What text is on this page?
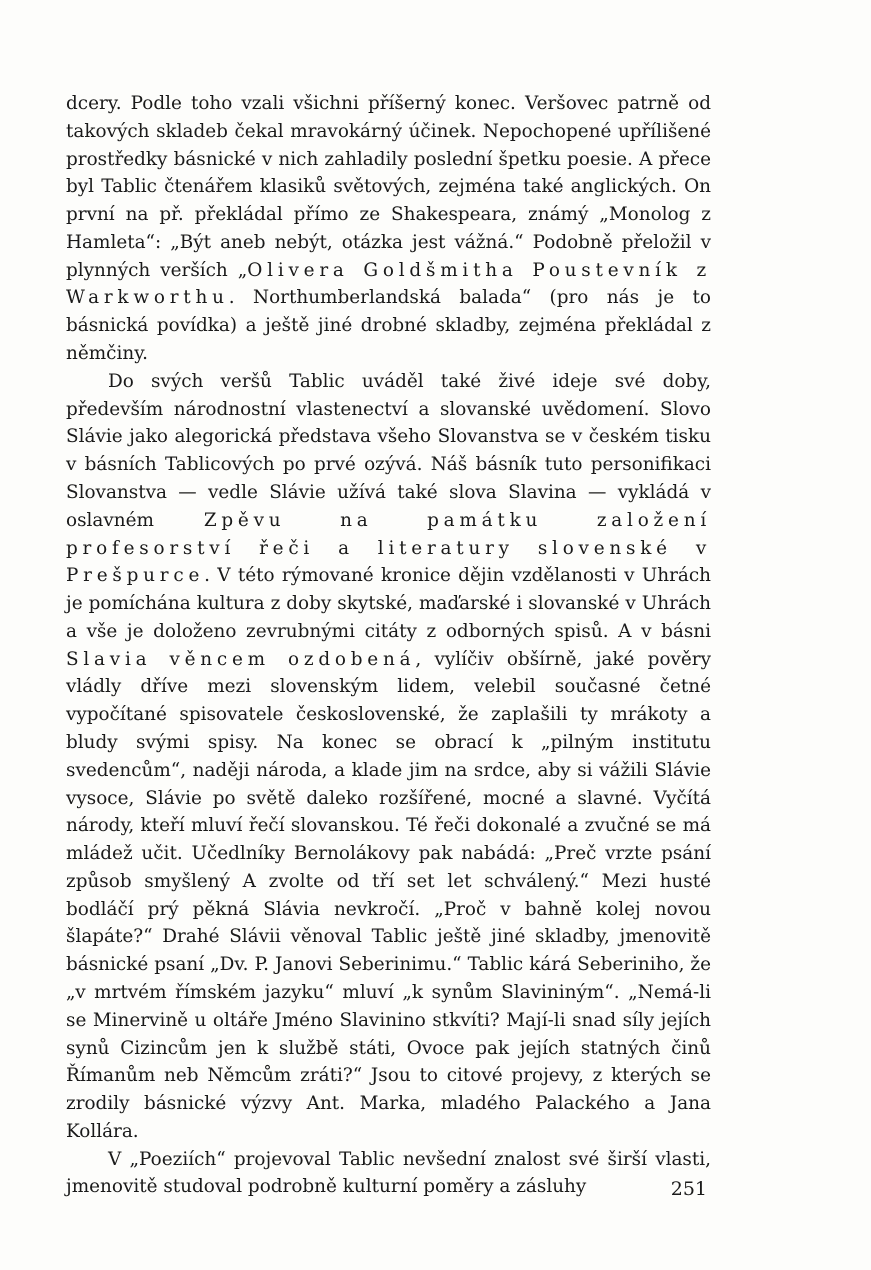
dcery. Podle toho vzali všichni příšerný konec. Veršovec patrně od takových skladeb čekal mravokárný účinek. Nepochopené upřílišené prostředky básnické v nich zahladily poslední špetku poesie. A přece byl Tablic čtenářem klasiků světových, zejména také anglických. On první na př. překládal přímo ze Shakespeara, známý „Monolog z Hamleta“: „Být aneb nebýt, otázka jest vážná.“ Podobně přeložil v plynných verších „Olivera Goldšmitha Poustevník z Warkworthu. Northumberlandská balada“ (pro nás je to básnická povídka) a ještě jiné drobné skladby, zejména překládal z němčiny.

Do svých veršů Tablic uváděl také živé ideje své doby, především národnostní vlastenectví a slovanské uvědomení. Slovo Slávie jako alegorická představa všeho Slovanstva se v českém tisku v básních Tablicových po prvé ozývá. Náš básník tuto personifikaci Slovanstva — vedle Slávie užívá také slova Slavina — vykládá v oslavném Zpěvu na památku založení profesorství řeči a literatury slovenské v Prešpurce. V této rýmované kronice dějin vzdělanosti v Uhrách je pomíchána kultura z doby skytské, maďarské i slovanské v Uhrách a vše je doloženo zevrubnými citáty z odborných spisů. A v básni Slavia věncem ozdobená, vylíčiv obšírně, jaké pověry vládly dříve mezi slovenským lidem, velebil současné četné vypočítané spisovatele československé, že zaplašili ty mrákoty a bludy svými spisy. Na konec se obrací k „pilným institutu svedencům“, naději národa, a klade jim na srdce, aby si vážili Slávie vysoce, Slávie po světě daleko rozšířené, mocné a slavné. Vyčítá národy, kteří mluví řečí slovanskou. Té řeči dokonalé a zvučné se má mládež učit. Učedlníky Bernolákovy pak nabádá: „Preč vrzte psání způsob smyšlený A zvolte od tří set let schválený.“ Mezi husté bodláčí prý pěkná Slávia nevkročí. „Proč v bahně kolej novou šlapáte?“ Drahé Slávii věnoval Tablic ještě jiné skladby, jmenovitě básnické psaní „Dv. P. Janovi Seberinimu.“ Tablic kárá Seberiniho, že „v mrtvém římském jazyku“ mluví „k synům Slavininým“. „Nemá-li se Minervině u oltáře Jméno Slavinino stkvíti? Mají-li snad síly jejích synů Cizincům jen k službě státi, Ovoce pak jejích statných činů Římanům neb Němcům zráti?“ Jsou to citové projevy, z kterých se zrodily básnické výzvy Ant. Marka, mladého Palackého a Jana Kollára.

V „Poeziích“ projevoval Tablic nevšední znalost své širší vlasti, jmenovitě studoval podrobně kulturní poměry a zásluhy	251
